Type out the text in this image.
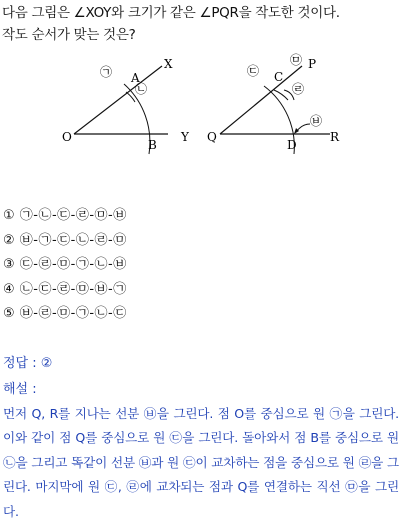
다음 그림은 ∠XOY와 크기가 같은 ∠PQR을 작도한 것이다.
작도 순서가 맞는 것은?
O
A
B
X
Y
㉠
㉡
Q
C
D
P
R
㉢
㉣
㉤
㉥
① ㉠-㉡-㉢-㉣-㉤-㉥
② ㉥-㉠-㉢-㉡-㉣-㉤
③ ㉢-㉣-㉤-㉠-㉡-㉥
④ ㉡-㉢-㉣-㉤-㉥-㉠
⑤ ㉥-㉣-㉤-㉠-㉡-㉢
정답 : ②
해설 :
먼저 Q, R를 지나는 선분 ㉥을 그린다. 점 O를 중심으로 원 ㉠을 그린다. 이와 같이 점 Q를 중심으로 원 ㉢을 그린다. 돌아와서 점 B를 중심으로 원 ㉡을 그리고 똑같이 선분 ㉥과 원 ㉢이 교차하는 점을 중심으로 원 ㉣을 그린다. 마지막에 원 ㉢, ㉣에 교차되는 점과 Q를 연결하는 직선 ㉤을 그린다.
